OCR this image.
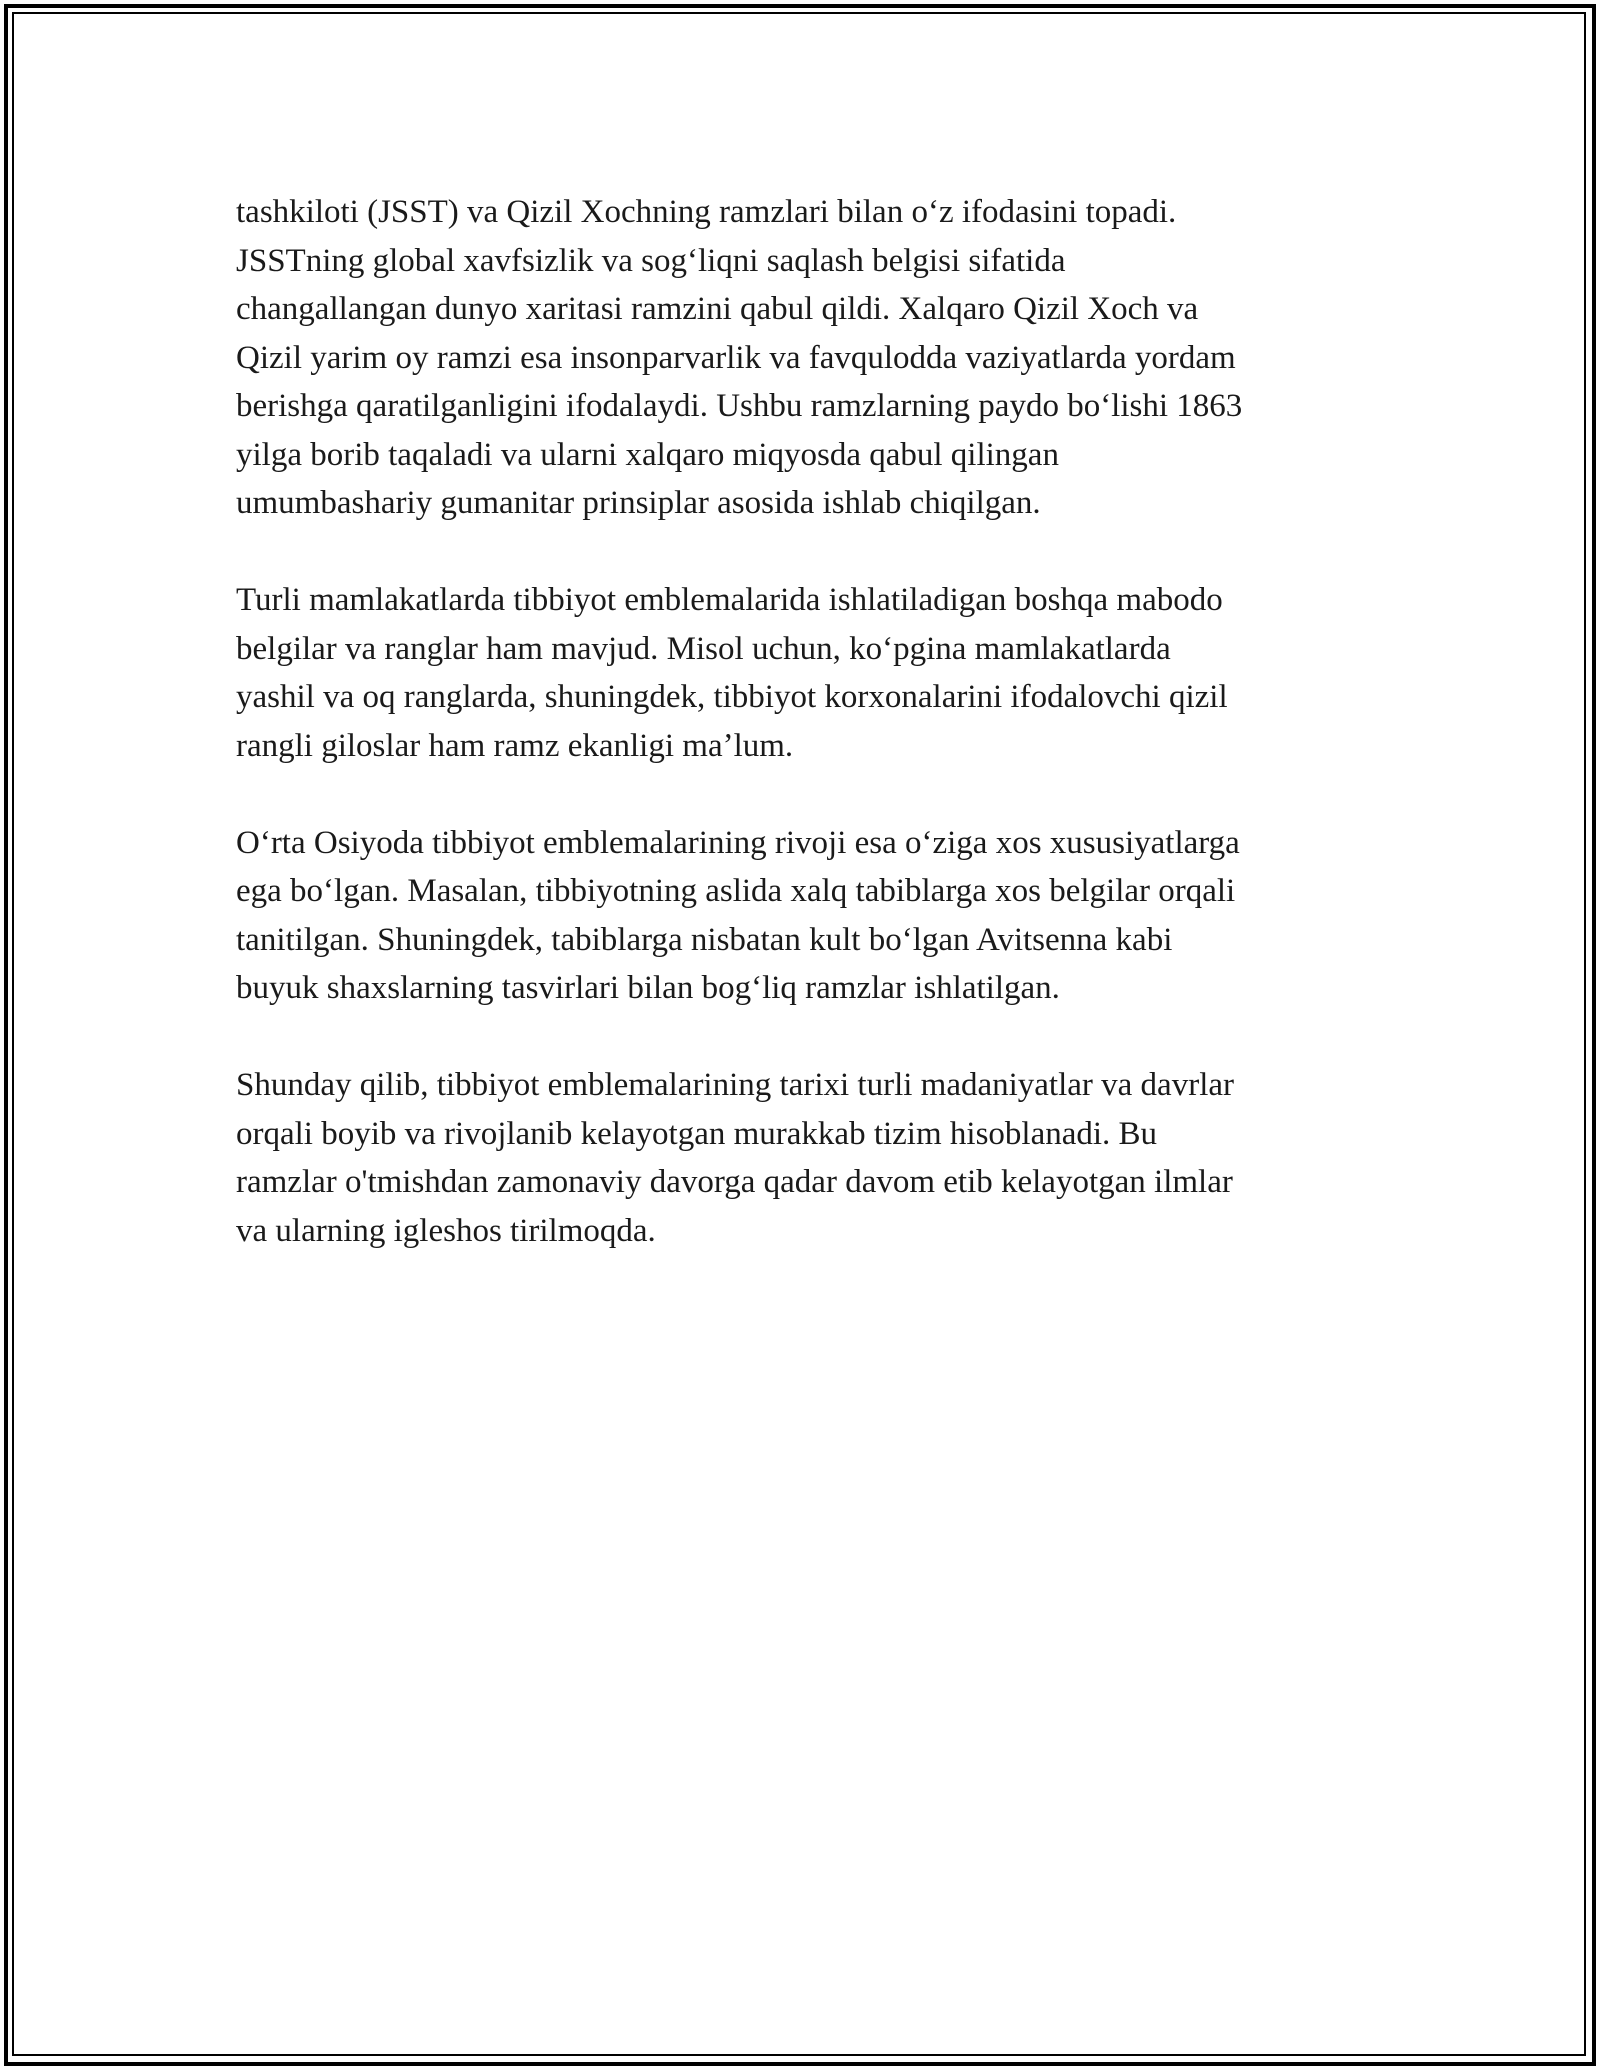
tashkiloti (JSST) va Qizil Xochning ramzlari bilan oʻz ifodasini topadi.
JSSTning global xavfsizlik va sogʻliqni saqlash belgisi sifatida
changallangan dunyo xaritasi ramzini qabul qildi. Xalqaro Qizil Xoch va
Qizil yarim oy ramzi esa insonparvarlik va favqulodda vaziyatlarda yordam
berishga qaratilganligini ifodalaydi. Ushbu ramzlarning paydo boʻlishi 1863
yilga borib taqaladi va ularni xalqaro miqyosda qabul qilingan
umumbashariy gumanitar prinsiplar asosida ishlab chiqilgan.

Turli mamlakatlarda tibbiyot emblemalarida ishlatiladigan boshqa mabodo
belgilar va ranglar ham mavjud. Misol uchun, koʻpgina mamlakatlarda
yashil va oq ranglarda, shuningdek, tibbiyot korxonalarini ifodalovchi qizil
rangli giloslar ham ramz ekanligi maʼlum.

Oʻrta Osiyoda tibbiyot emblemalarining rivoji esa oʻziga xos xususiyatlarga
ega boʻlgan. Masalan, tibbiyotning aslida xalq tabiblarga xos belgilar orqali
tanitilgan. Shuningdek, tabiblarga nisbatan kult boʻlgan Avitsenna kabi
buyuk shaxslarning tasvirlari bilan bogʻliq ramzlar ishlatilgan.

Shunday qilib, tibbiyot emblemalarining tarixi turli madaniyatlar va davrlar
orqali boyib va rivojlanib kelayotgan murakkab tizim hisoblanadi. Bu
ramzlar o'tmishdan zamonaviy davorga qadar davom etib kelayotgan ilmlar
va ularning igleshos tirilmoqda.
